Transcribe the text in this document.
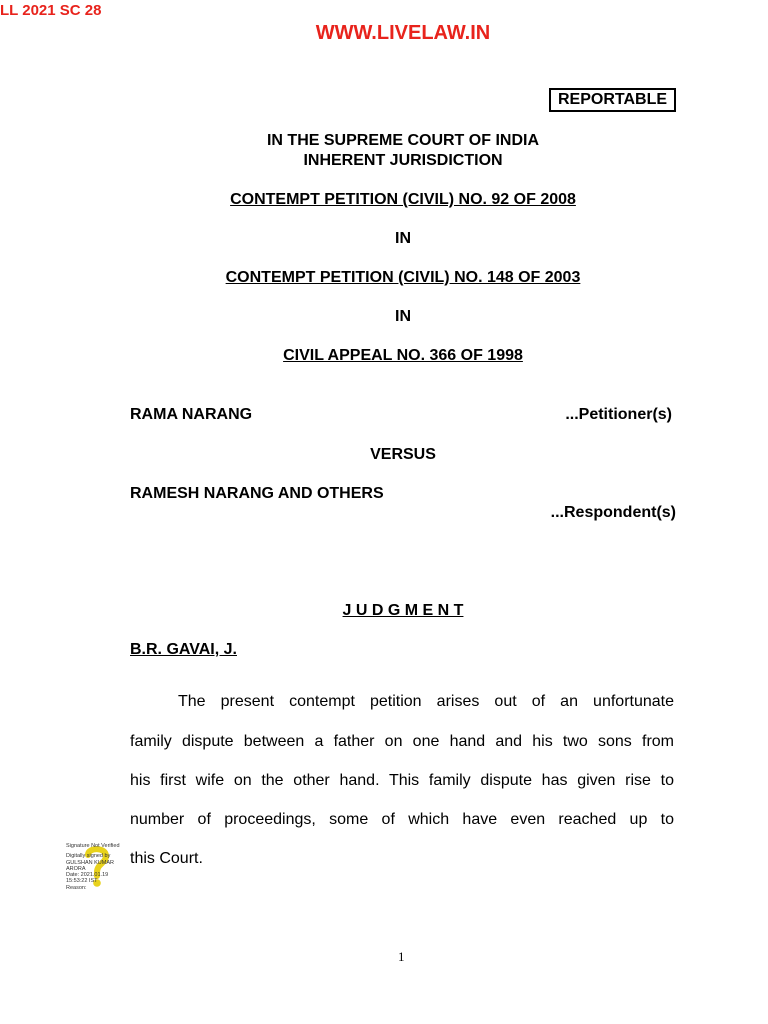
LL 2021 SC 28
WWW.LIVELAW.IN
REPORTABLE
IN THE SUPREME COURT OF INDIA
INHERENT JURISDICTION
CONTEMPT PETITION (CIVIL) NO. 92 OF 2008
IN
CONTEMPT PETITION (CIVIL) NO. 148 OF 2003
IN
CIVIL APPEAL NO. 366 OF 1998
RAMA NARANG	...Petitioner(s)
VERSUS
RAMESH NARANG AND OTHERS
...Respondent(s)
J U D G M E N T
B.R. GAVAI, J.
The present contempt petition arises out of an unfortunate
family dispute between a father on one hand and his two sons from
his first wife on the other hand. This family dispute has given rise to
number of proceedings, some of which have even reached up to
this Court.
Signature Not Verified
Digitally signed by
GULSHAN KUMAR
ARORA
Date: 2021.01.19
15:53:22 IST
Reason:
1
